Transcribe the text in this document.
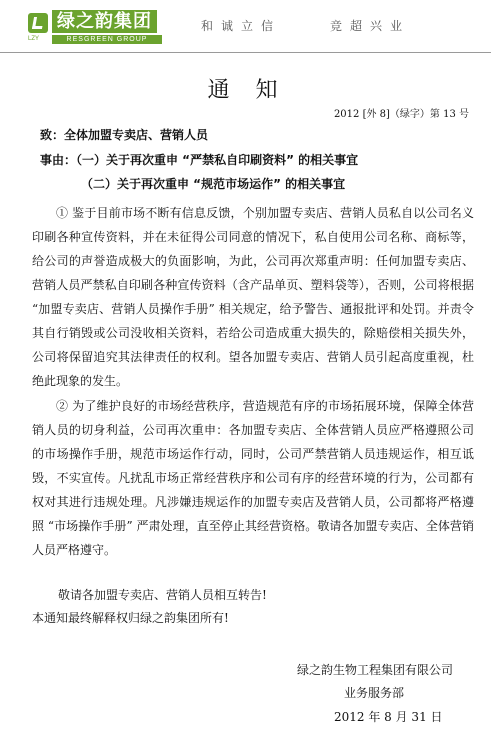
绿之韵集团
RESGREEN GROUP
LZY
和诚立信	竞超兴业
通知
2012 [外 8]（绿字）第 13 号
致：全体加盟专卖店、营销人员
事由：（一）关于再次重申 “严禁私自印刷资料” 的相关事宜
（二）关于再次重申 “规范市场运作” 的相关事宜

① 鉴于目前市场不断有信息反馈，个别加盟专卖店、营销人员私自以公司名义印刷各种宣传资料，并在未征得公司同意的情况下，私自使用公司名称、商标等，给公司的声誉造成极大的负面影响，为此，公司再次郑重声明：任何加盟专卖店、营销人员严禁私自印刷各种宣传资料（含产品单页、塑料袋等），否则，公司将根据 “加盟专卖店、营销人员操作手册” 相关规定，给予警告、通报批评和处罚。并责令其自行销毁或公司没收相关资料，若给公司造成重大损失的，除赔偿相关损失外，公司将保留追究其法律责任的权利。望各加盟专卖店、营销人员引起高度重视，杜绝此现象的发生。

② 为了维护良好的市场经营秩序，营造规范有序的市场拓展环境，保障全体营销人员的切身利益，公司再次重申：各加盟专卖店、全体营销人员应严格遵照公司的市场操作手册，规范市场运作行动，同时，公司严禁营销人员违规运作，相互诋毁，不实宣传。凡扰乱市场正常经营秩序和公司有序的经营环境的行为，公司都有权对其进行违规处理。凡涉嫌违规运作的加盟专卖店及营销人员，公司都将严格遵照 “市场操作手册” 严肃处理，直至停止其经营资格。敬请各加盟专卖店、全体营销人员严格遵守。

敬请各加盟专卖店、营销人员相互转告!
本通知最终解释权归绿之韵集团所有!
绿之韵生物工程集团有限公司
业务服务部
2012 年 8 月 31 日
